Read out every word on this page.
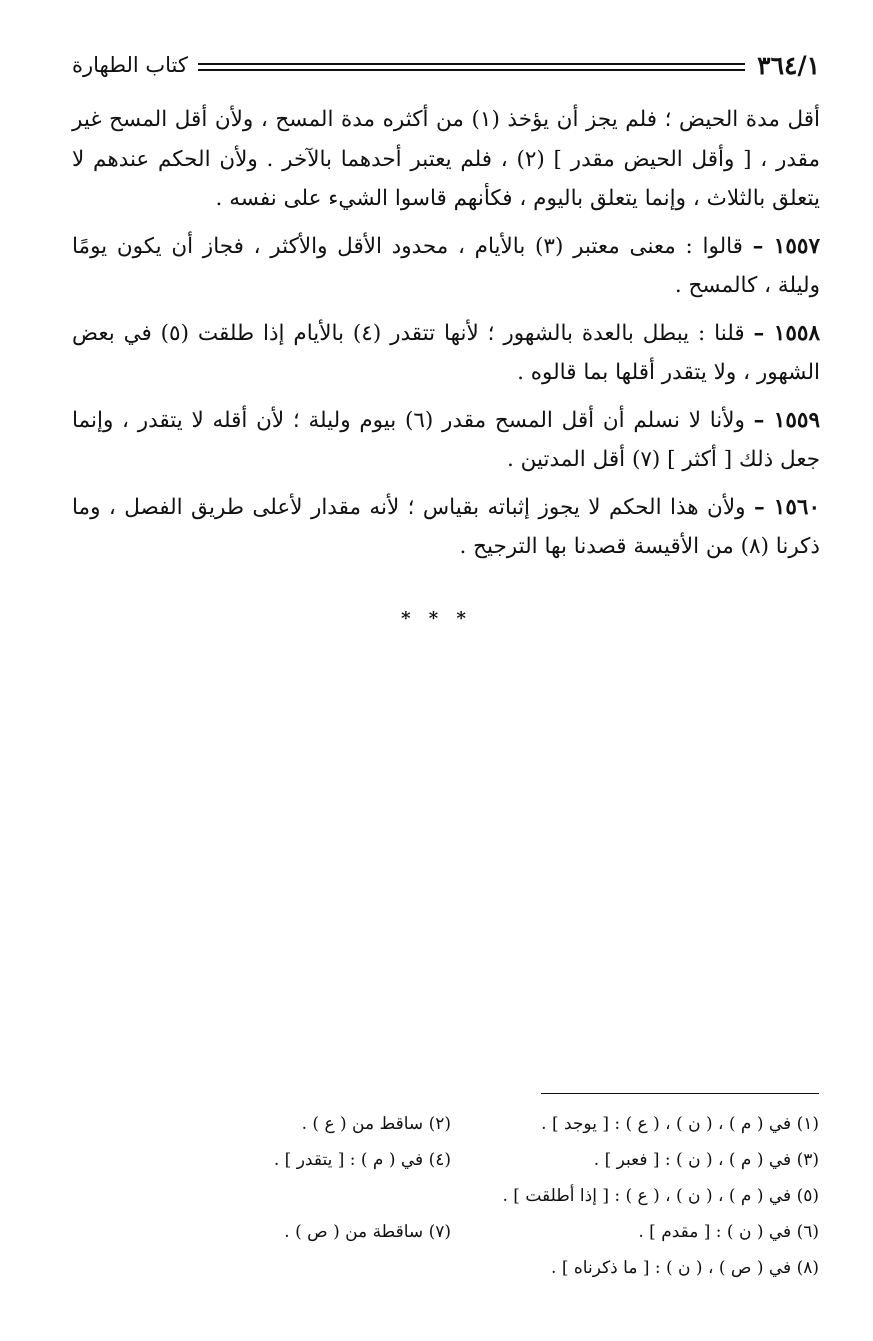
٣٦٤/١
كتاب الطهارة

أقل مدة الحيض ؛ فلم يجز أن يؤخذ (١) من أكثره مدة المسح ، ولأن أقل المسح غير مقدر ، [ وأقل الحيض مقدر ] (٢) ، فلم يعتبر أحدهما بالآخر . ولأن الحكم عندهم لا يتعلق بالثلاث ، وإنما يتعلق باليوم ، فكأنهم قاسوا الشيء على نفسه .

١٥٥٧ – قالوا : معنى معتبر (٣) بالأيام ، محدود الأقل والأكثر ، فجاز أن يكون يومًا وليلة ، كالمسح .

١٥٥٨ – قلنا : يبطل بالعدة بالشهور ؛ لأنها تتقدر (٤) بالأيام إذا طلقت (٥) في بعض الشهور ، ولا يتقدر أقلها بما قالوه .

١٥٥٩ – ولأنا لا نسلم أن أقل المسح مقدر (٦) بيوم وليلة ؛ لأن أقله لا يتقدر ، وإنما جعل ذلك [ أكثر ] (٧) أقل المدتين .

١٥٦٠ – ولأن هذا الحكم لا يجوز إثباته بقياس ؛ لأنه مقدار لأعلى طريق الفصل ، وما ذكرنا (٨) من الأقيسة قصدنا بها الترجيح .

* * *
(١) في ( م ) ، ( ن ) ، ( ع ) : [ يوجد ] .
(٢) ساقط من ( ع ) .
(٣) في ( م ) ، ( ن ) : [ فعبر ] .
(٤) في ( م ) : [ يتقدر ] .
(٥) في ( م ) ، ( ن ) ، ( ع ) : [ إذا أطلقت ] .
(٦) في ( ن ) : [ مقدم ] .
(٧) ساقطة من ( ص ) .
(٨) في ( ص ) ، ( ن ) : [ ما ذكرناه ] .
